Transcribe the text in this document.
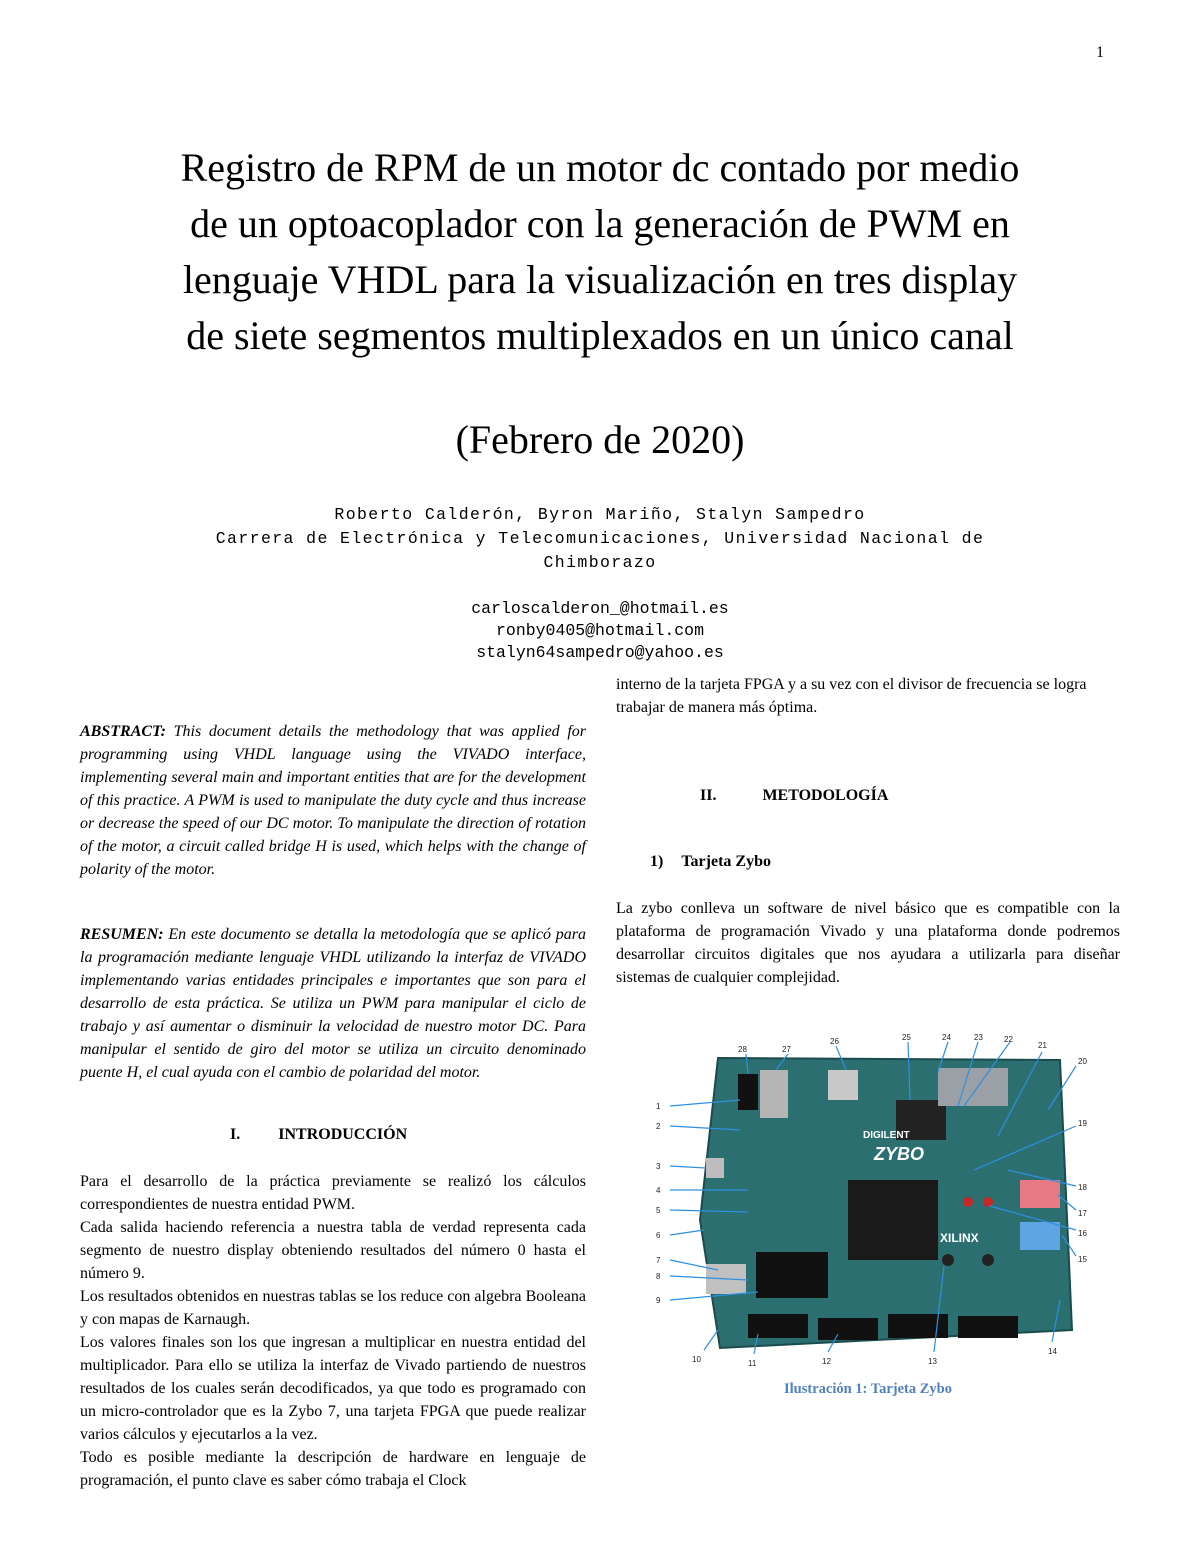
1
Registro de RPM de un motor dc contado por medio
de un optoacoplador con la generación de PWM en
lenguaje VHDL para la visualización en tres display
de siete segmentos multiplexados en un único canal
(Febrero de 2020)
Roberto Calderón, Byron Mariño, Stalyn Sampedro
Carrera de Electrónica y Telecomunicaciones, Universidad Nacional de
Chimborazo
carloscalderon_@hotmail.es
ronby0405@hotmail.com
stalyn64sampedro@yahoo.es
ABSTRACT: This document details the methodology that was applied for programming using VHDL language using the VIVADO interface, implementing several main and important entities that are for the development of this practice. A PWM is used to manipulate the duty cycle and thus increase or decrease the speed of our DC motor. To manipulate the direction of rotation of the motor, a circuit called bridge H is used, which helps with the change of polarity of the motor.
RESUMEN: En este documento se detalla la metodología que se aplicó para la programación mediante lenguaje VHDL utilizando la interfaz de VIVADO implementando varias entidades principales e importantes que son para el desarrollo de esta práctica. Se utiliza un PWM para manipular el ciclo de trabajo y así aumentar o disminuir la velocidad de nuestro motor DC. Para manipular el sentido de giro del motor se utiliza un circuito denominado puente H, el cual ayuda con el cambio de polaridad del motor.
I. INTRODUCCIÓN

Para el desarrollo de la práctica previamente se realizó los cálculos correspondientes de nuestra entidad PWM.

Cada salida haciendo referencia a nuestra tabla de verdad representa cada segmento de nuestro display obteniendo resultados del número 0 hasta el número 9.

Los resultados obtenidos en nuestras tablas se los reduce con algebra Booleana y con mapas de Karnaugh.

Los valores finales son los que ingresan a multiplicar en nuestra entidad del multiplicador. Para ello se utiliza la interfaz de Vivado partiendo de nuestros resultados de los cuales serán decodificados, ya que todo es programado con un micro-controlador que es la Zybo 7, una tarjeta FPGA que puede realizar varios cálculos y ejecutarlos a la vez.

Todo es posible mediante la descripción de hardware en lenguaje de programación, el punto clave es saber cómo trabaja el Clock

interno de la tarjeta FPGA y a su vez con el divisor de frecuencia se logra trabajar de manera más óptima.
II.	METODOLOGÍA
1) Tarjeta Zybo

La zybo conlleva un software de nivel básico que es compatible con la plataforma de programación Vivado y una plataforma donde podremos desarrollar circuitos digitales que nos ayudara a utilizarla para diseñar sistemas de cualquier complejidad.

DIGILENT
ZYBO
XILINX
1
2
3
4
5
6
7
8
9
10	11	12	13
14
15
16
17
18
19
20
21
22
23
24
25
26
27
28
Ilustración 1: Tarjeta Zybo
